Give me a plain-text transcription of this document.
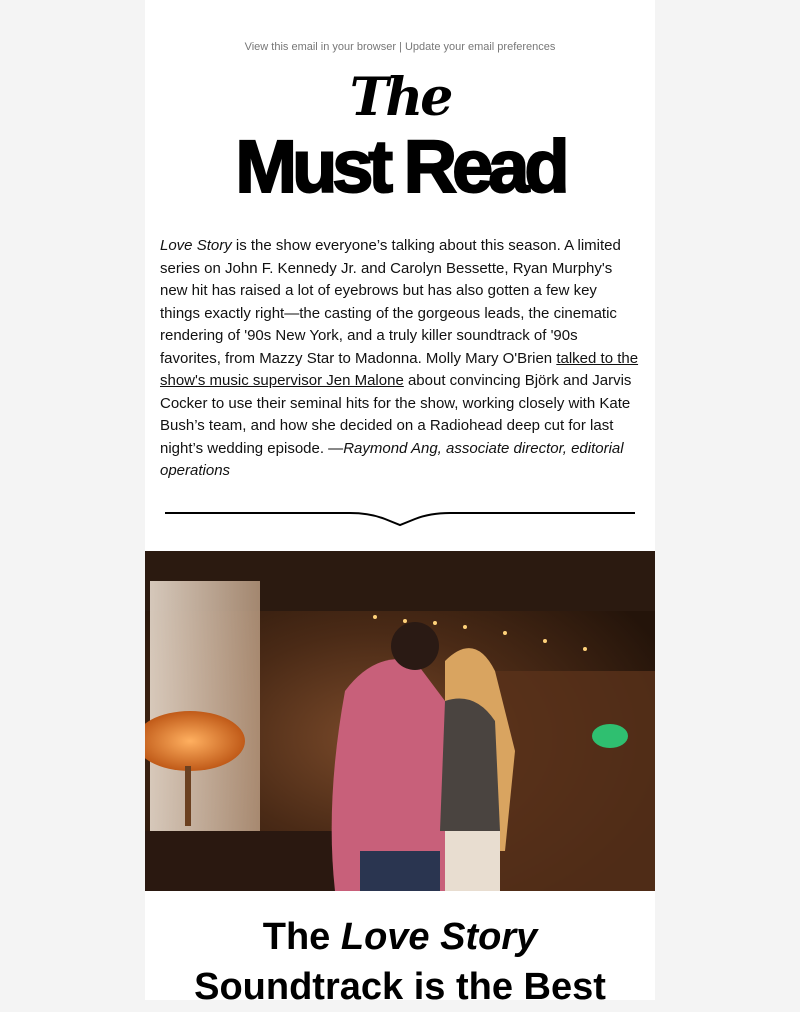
View this email in your browser | Update your email preferences
The
Must Read
Love Story is the show everyone’s talking about this season. A limited series on John F. Kennedy Jr. and Carolyn Bessette, Ryan Murphy's new hit has raised a lot of eyebrows but has also gotten a few key things exactly right—the casting of the gorgeous leads, the cinematic rendering of '90s New York, and a truly killer soundtrack of '90s favorites, from Mazzy Star to Madonna. Molly Mary O'Brien talked to the show's music supervisor Jen Malone about convincing Björk and Jarvis Cocker to use their seminal hits for the show, working closely with Kate Bush’s team, and how she decided on a Radiohead deep cut for last night’s wedding episode. —Raymond Ang, associate director, editorial operations
The Love Story
Soundtrack is the Best
